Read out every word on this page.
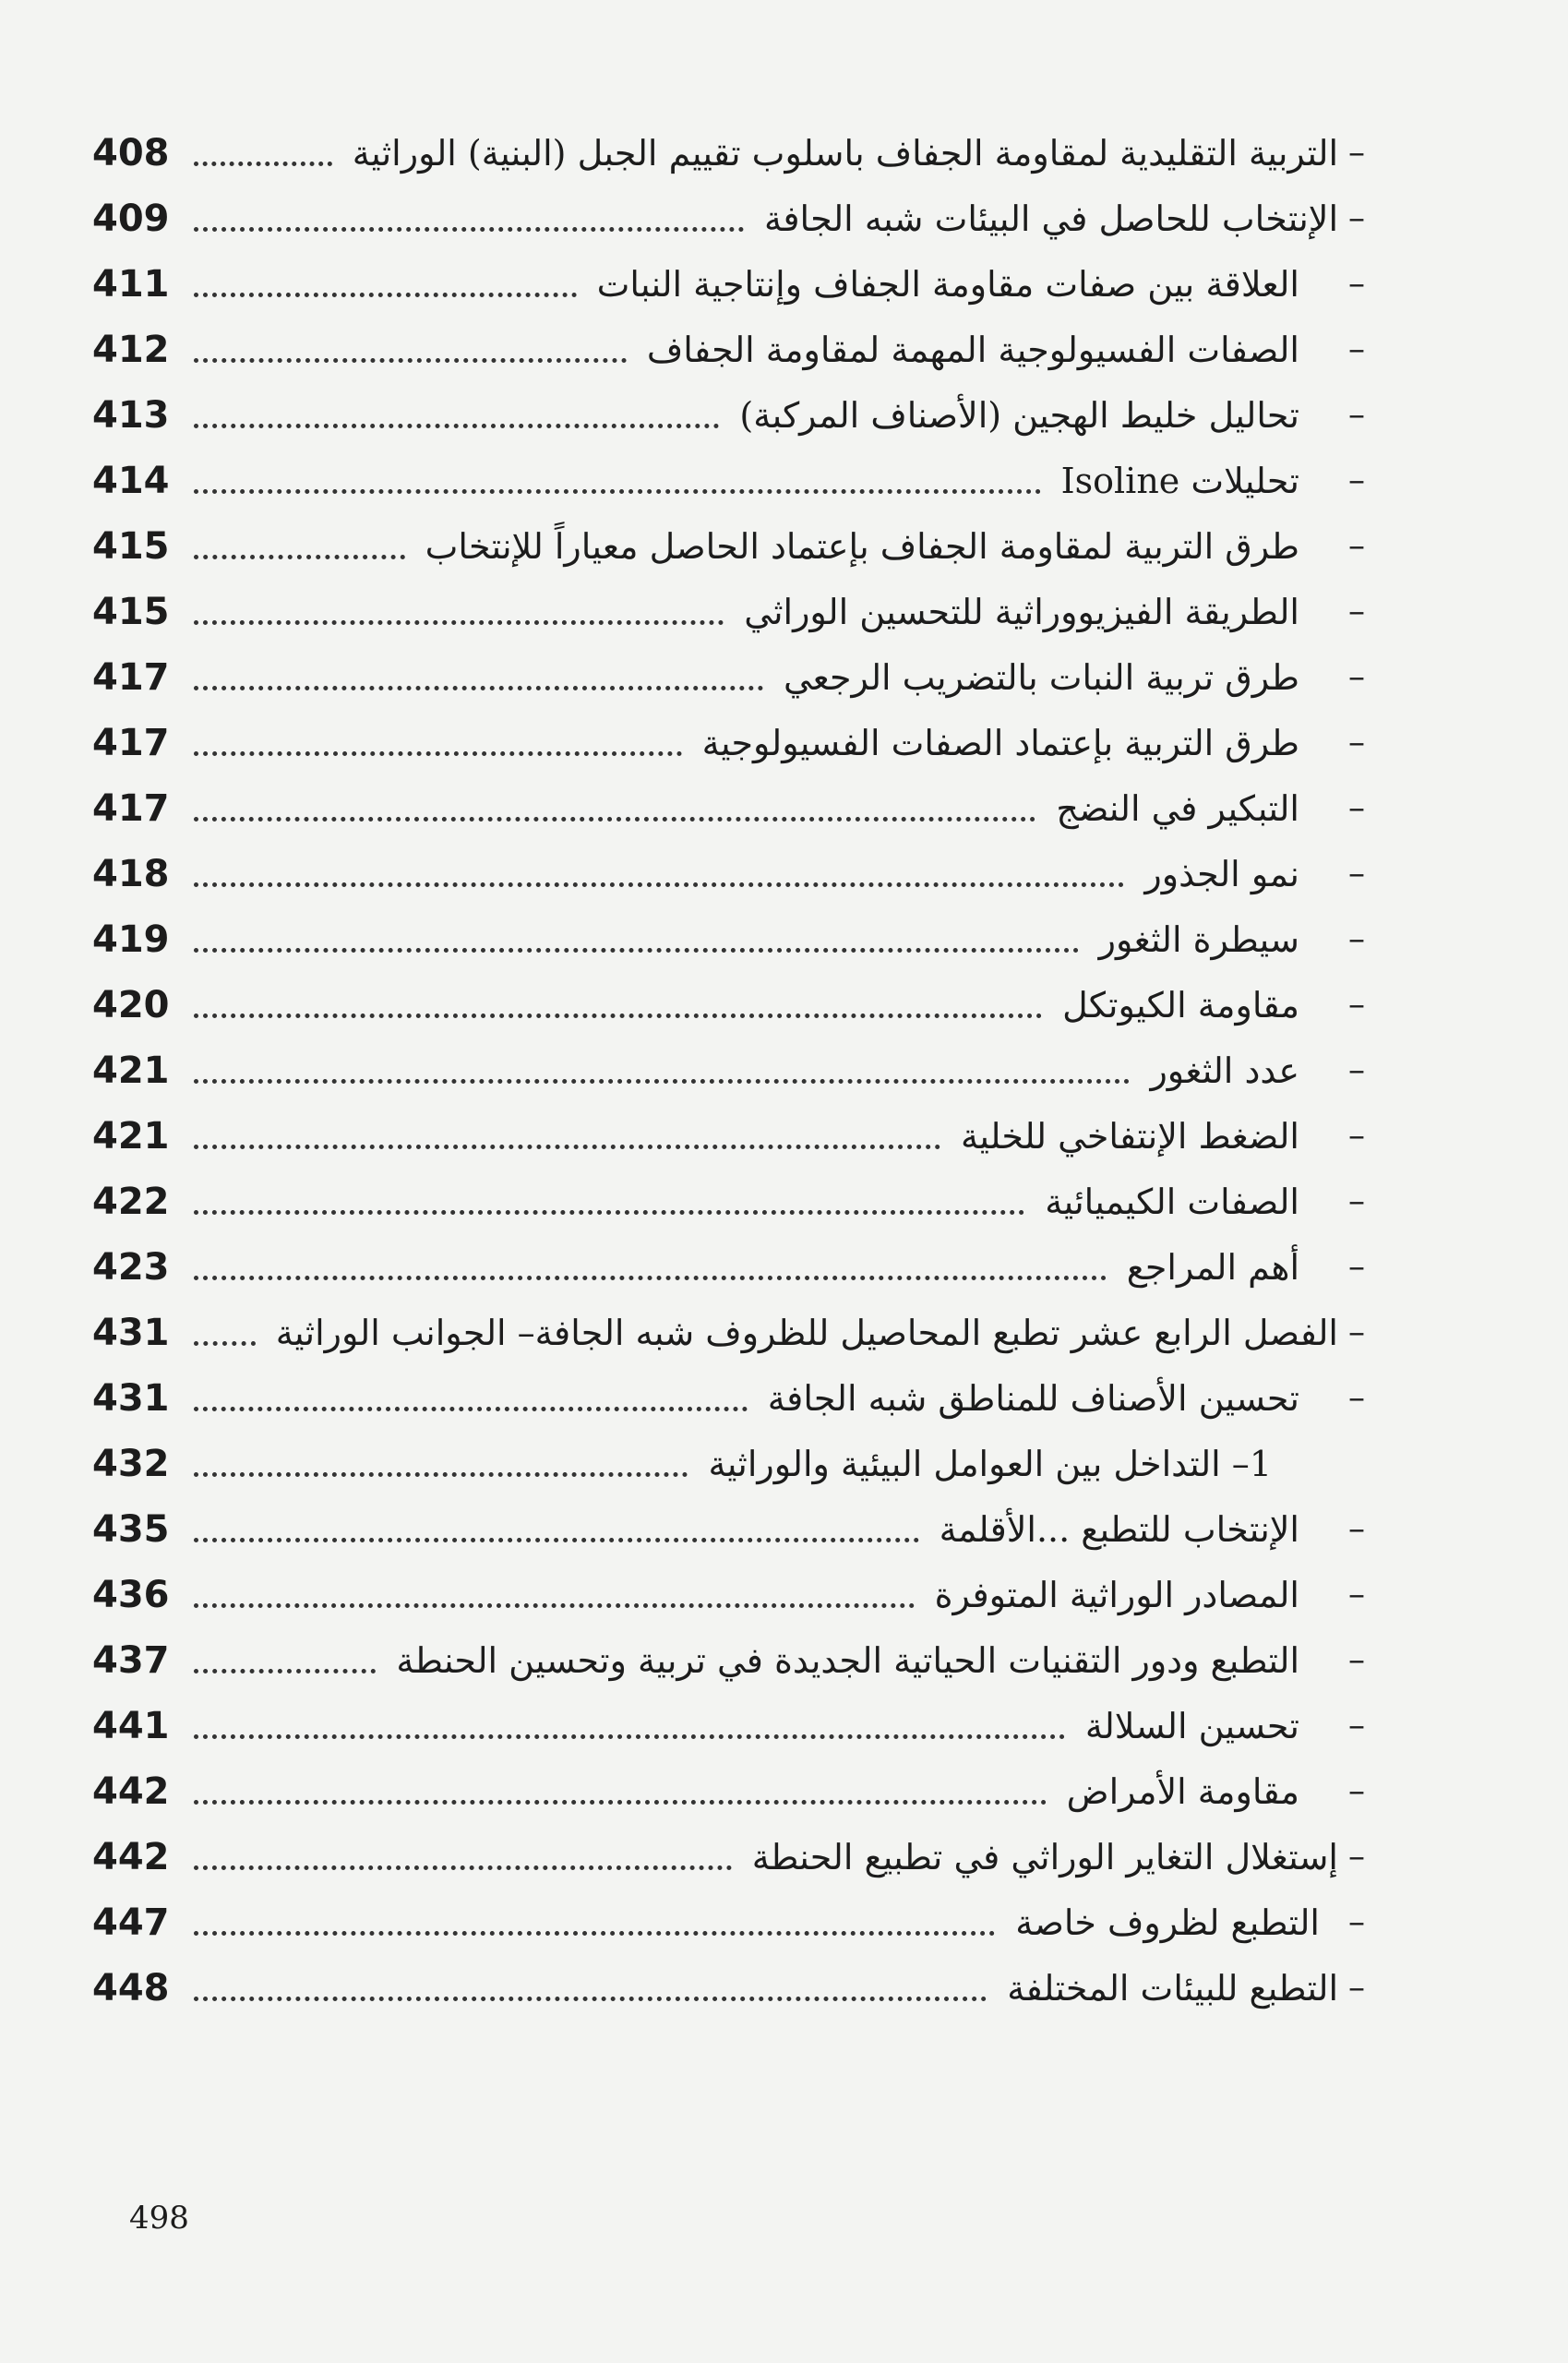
–
التربية التقليدية لمقاومة الجفاف باسلوب تقييم الجبل (البنية) الوراثية
408
–
الإنتخاب للحاصل في البيئات شبه الجافة
409
–
العلاقة بين صفات مقاومة الجفاف وإنتاجية النبات
411
–
الصفات الفسيولوجية المهمة لمقاومة الجفاف
412
–
تحاليل خليط الهجين (الأصناف المركبة)
413
–
تحليلات Isoline
414
–
طرق التربية لمقاومة الجفاف بإعتماد الحاصل معياراً للإنتخاب
415
–
الطريقة الفيزيووراثية للتحسين الوراثي
415
–
طرق تربية النبات بالتضريب الرجعي
417
–
طرق التربية بإعتماد الصفات الفسيولوجية
417
–
التبكير في النضج
417
–
نمو الجذور
418
–
سيطرة الثغور
419
–
مقاومة الكيوتكل
420
–
عدد الثغور
421
–
الضغط الإنتفاخي للخلية
421
–
الصفات الكيميائية
422
–
أهم المراجع
423
–
الفصل الرابع عشر تطبع المحاصيل للظروف شبه الجافة– الجوانب الوراثية
431
–
تحسين الأصناف للمناطق شبه الجافة
431
1– التداخل بين العوامل البيئية والوراثية
432
–
الإنتخاب للتطبع ...الأقلمة
435
–
المصادر الوراثية المتوفرة
436
–
التطبع ودور التقنيات الحياتية الجديدة في تربية وتحسين الحنطة
437
–
تحسين السلالة
441
–
مقاومة الأمراض
442
–
إستغلال التغاير الوراثي في تطبيع الحنطة
442
–
التطبع لظروف خاصة
447
–
التطبع للبيئات المختلفة
448
498
